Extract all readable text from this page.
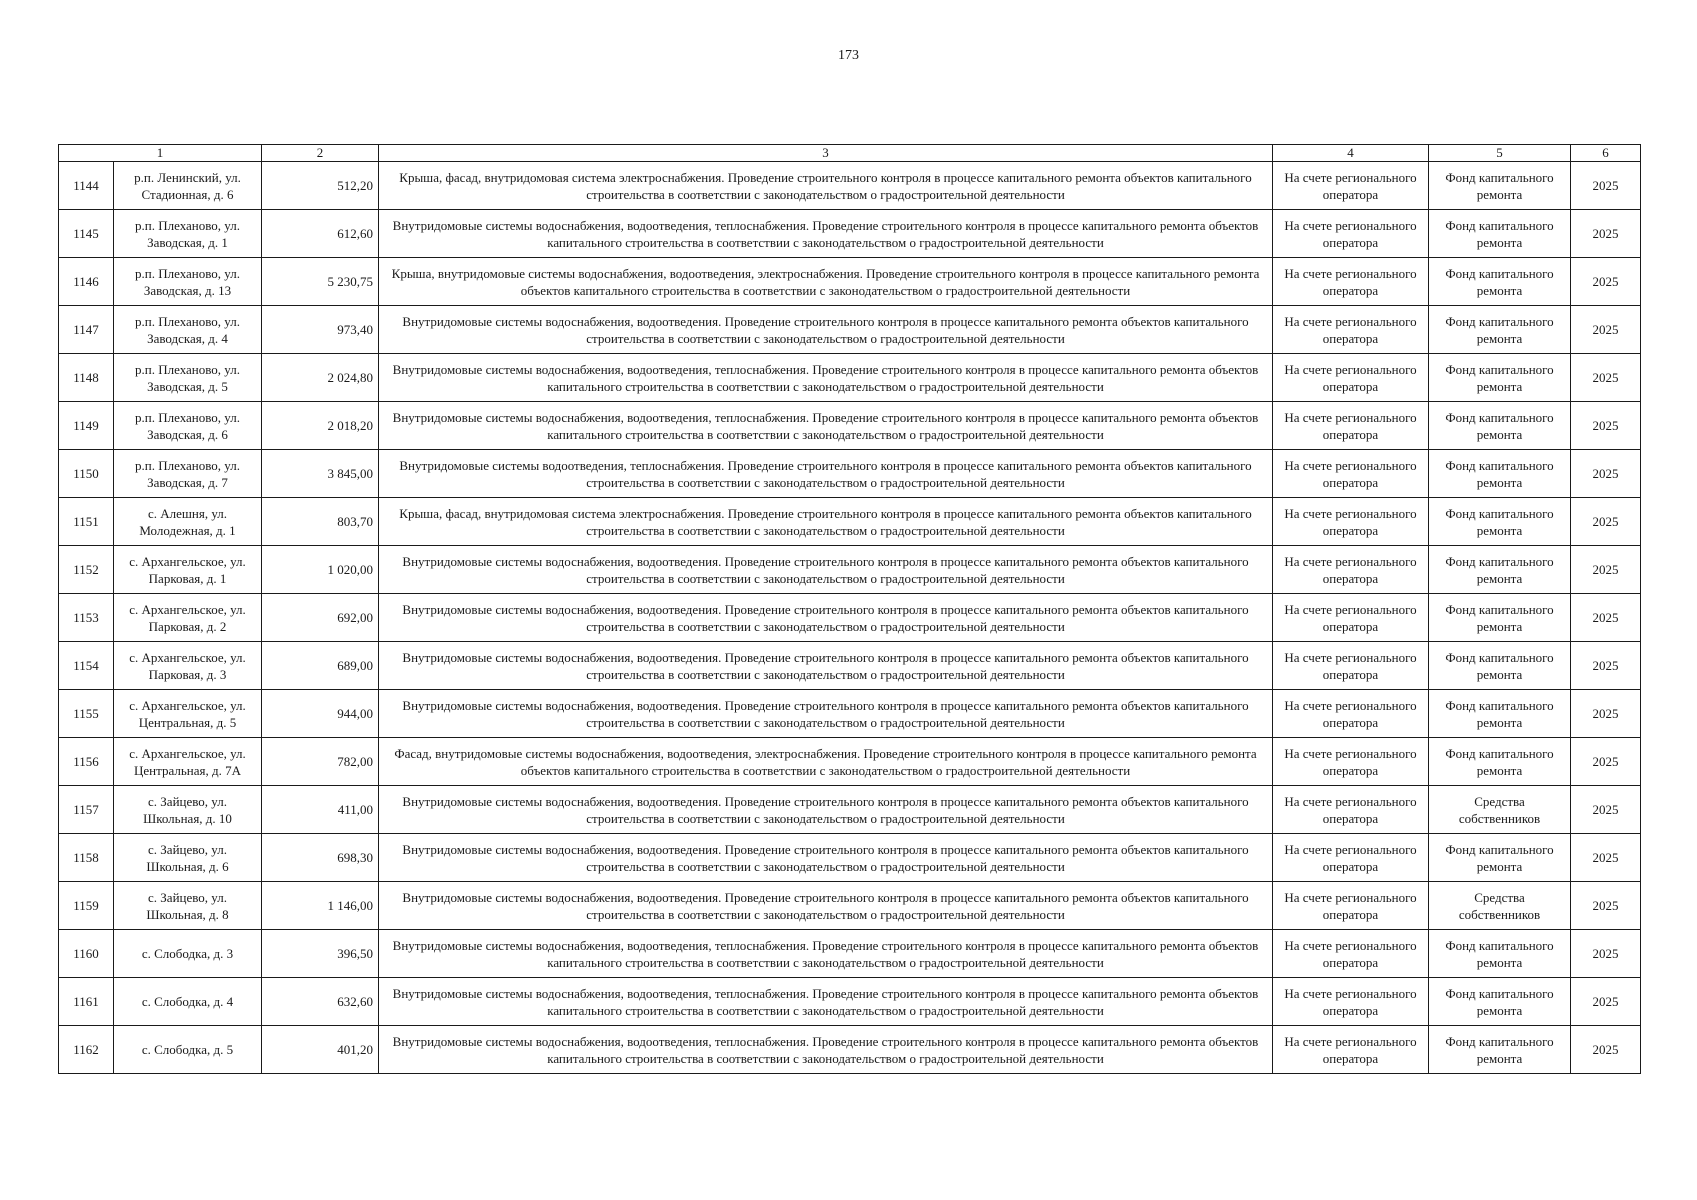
173
1		2	3	4	5	6
1144	р.п. Ленинский, ул. Стадионная, д. 6	512,20	Крыша, фасад, внутридомовая система электроснабжения. Проведение строительного контроля в процессе капитального ремонта объектов капитального строительства в соответствии с законодательством о градостроительной деятельности	На счете регионального оператора	Фонд капитального ремонта	2025
1145	р.п. Плеханово, ул. Заводская, д. 1	612,60	Внутридомовые системы водоснабжения, водоотведения, теплоснабжения. Проведение строительного контроля в процессе капитального ремонта объектов капитального строительства в соответствии с законодательством о градостроительной деятельности	На счете регионального оператора	Фонд капитального ремонта	2025
1146	р.п. Плеханово, ул. Заводская, д. 13	5 230,75	Крыша, внутридомовые системы водоснабжения, водоотведения, электроснабжения. Проведение строительного контроля в процессе капитального ремонта объектов капитального строительства в соответствии с законодательством о градостроительной деятельности	На счете регионального оператора	Фонд капитального ремонта	2025
1147	р.п. Плеханово, ул. Заводская, д. 4	973,40	Внутридомовые системы водоснабжения, водоотведения. Проведение строительного контроля в процессе капитального ремонта объектов капитального строительства в соответствии с законодательством о градостроительной деятельности	На счете регионального оператора	Фонд капитального ремонта	2025
1148	р.п. Плеханово, ул. Заводская, д. 5	2 024,80	Внутридомовые системы водоснабжения, водоотведения, теплоснабжения. Проведение строительного контроля в процессе капитального ремонта объектов капитального строительства в соответствии с законодательством о градостроительной деятельности	На счете регионального оператора	Фонд капитального ремонта	2025
1149	р.п. Плеханово, ул. Заводская, д. 6	2 018,20	Внутридомовые системы водоснабжения, водоотведения, теплоснабжения. Проведение строительного контроля в процессе капитального ремонта объектов капитального строительства в соответствии с законодательством о градостроительной деятельности	На счете регионального оператора	Фонд капитального ремонта	2025
1150	р.п. Плеханово, ул. Заводская, д. 7	3 845,00	Внутридомовые системы водоотведения, теплоснабжения. Проведение строительного контроля в процессе капитального ремонта объектов капитального строительства в соответствии с законодательством о градостроительной деятельности	На счете регионального оператора	Фонд капитального ремонта	2025
1151	с. Алешня, ул. Молодежная, д. 1	803,70	Крыша, фасад, внутридомовая система электроснабжения. Проведение строительного контроля в процессе капитального ремонта объектов капитального строительства в соответствии с законодательством о градостроительной деятельности	На счете регионального оператора	Фонд капитального ремонта	2025
1152	с. Архангельское, ул. Парковая, д. 1	1 020,00	Внутридомовые системы водоснабжения, водоотведения. Проведение строительного контроля в процессе капитального ремонта объектов капитального строительства в соответствии с законодательством о градостроительной деятельности	На счете регионального оператора	Фонд капитального ремонта	2025
1153	с. Архангельское, ул. Парковая, д. 2	692,00	Внутридомовые системы водоснабжения, водоотведения. Проведение строительного контроля в процессе капитального ремонта объектов капитального строительства в соответствии с законодательством о градостроительной деятельности	На счете регионального оператора	Фонд капитального ремонта	2025
1154	с. Архангельское, ул. Парковая, д. 3	689,00	Внутридомовые системы водоснабжения, водоотведения. Проведение строительного контроля в процессе капитального ремонта объектов капитального строительства в соответствии с законодательством о градостроительной деятельности	На счете регионального оператора	Фонд капитального ремонта	2025
1155	с. Архангельское, ул. Центральная, д. 5	944,00	Внутридомовые системы водоснабжения, водоотведения. Проведение строительного контроля в процессе капитального ремонта объектов капитального строительства в соответствии с законодательством о градостроительной деятельности	На счете регионального оператора	Фонд капитального ремонта	2025
1156	с. Архангельское, ул. Центральная, д. 7А	782,00	Фасад, внутридомовые системы водоснабжения, водоотведения, электроснабжения. Проведение строительного контроля в процессе капитального ремонта объектов капитального строительства в соответствии с законодательством о градостроительной деятельности	На счете регионального оператора	Фонд капитального ремонта	2025
1157	с. Зайцево, ул. Школьная, д. 10	411,00	Внутридомовые системы водоснабжения, водоотведения. Проведение строительного контроля в процессе капитального ремонта объектов капитального строительства в соответствии с законодательством о градостроительной деятельности	На счете регионального оператора	Средства собственников	2025
1158	с. Зайцево, ул. Школьная, д. 6	698,30	Внутридомовые системы водоснабжения, водоотведения. Проведение строительного контроля в процессе капитального ремонта объектов капитального строительства в соответствии с законодательством о градостроительной деятельности	На счете регионального оператора	Фонд капитального ремонта	2025
1159	с. Зайцево, ул. Школьная, д. 8	1 146,00	Внутридомовые системы водоснабжения, водоотведения. Проведение строительного контроля в процессе капитального ремонта объектов капитального строительства в соответствии с законодательством о градостроительной деятельности	На счете регионального оператора	Средства собственников	2025
1160	с. Слободка, д. 3	396,50	Внутридомовые системы водоснабжения, водоотведения, теплоснабжения. Проведение строительного контроля в процессе капитального ремонта объектов капитального строительства в соответствии с законодательством о градостроительной деятельности	На счете регионального оператора	Фонд капитального ремонта	2025
1161	с. Слободка, д. 4	632,60	Внутридомовые системы водоснабжения, водоотведения, теплоснабжения. Проведение строительного контроля в процессе капитального ремонта объектов капитального строительства в соответствии с законодательством о градостроительной деятельности	На счете регионального оператора	Фонд капитального ремонта	2025
1162	с. Слободка, д. 5	401,20	Внутридомовые системы водоснабжения, водоотведения, теплоснабжения. Проведение строительного контроля в процессе капитального ремонта объектов капитального строительства в соответствии с законодательством о градостроительной деятельности	На счете регионального оператора	Фонд капитального ремонта	2025
